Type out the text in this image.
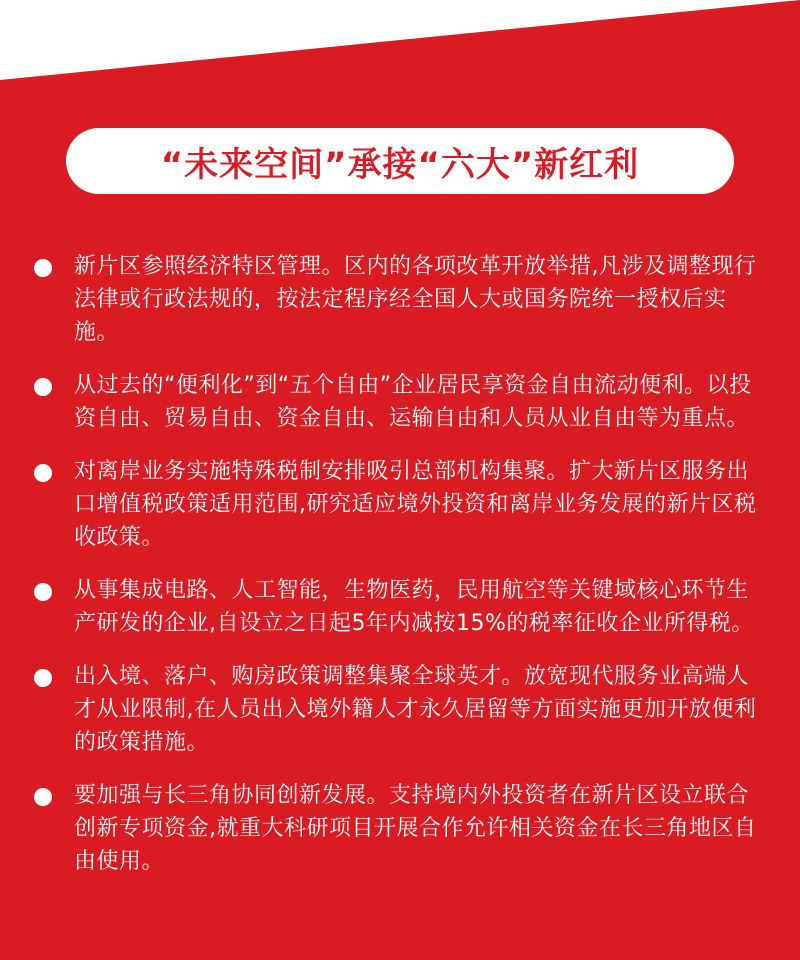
“未来空间”承接“六大”新红利
新片区参照经济特区管理。区内的各项改革开放举措,凡涉及调整现行法律或行政法规的，按法定程序经全国人大或国务院统一授权后实施。
从过去的“便利化”到“五个自由”企业居民享资金自由流动便利。以投资自由、贸易自由、资金自由、运输自由和人员从业自由等为重点。
对离岸业务实施特殊税制安排吸引总部机构集聚。扩大新片区服务出口增值税政策适用范围,研究适应境外投资和离岸业务发展的新片区税收政策。
从事集成电路、人工智能，生物医药，民用航空等关键域核心环节生产研发的企业,自设立之日起5年内减按15%的税率征收企业所得税。
出入境、落户、购房政策调整集聚全球英才。放宽现代服务业高端人才从业限制,在人员出入境外籍人才永久居留等方面实施更加开放便利的政策措施。
要加强与长三角协同创新发展。支持境内外投资者在新片区设立联合创新专项资金,就重大科研项目开展合作允许相关资金在长三角地区自由使用。
